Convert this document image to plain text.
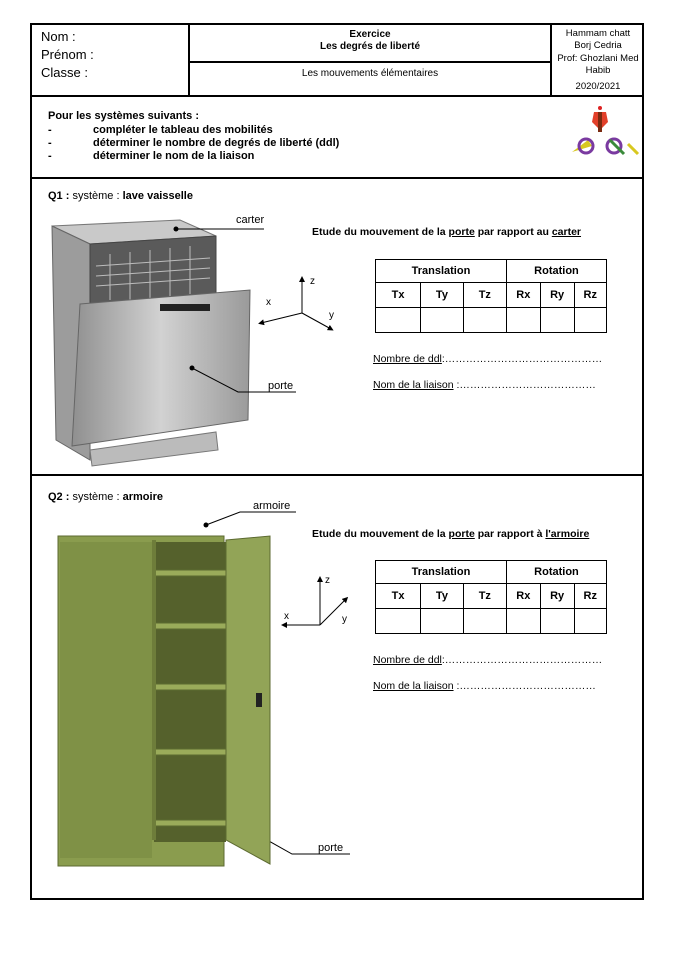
Nom :
Prénom :
Classe :
Exercice
Les degrés de liberté
Les mouvements élémentaires
Hammam chatt
Borj Cedria
Prof: Ghozlani Med
Habib
2020/2021
Pour les systèmes suivants :
-	compléter le tableau des mobilités
-	déterminer le nombre de degrés de liberté (ddl)
-	déterminer le nom de la liaison
Q1 : système : lave vaisselle
carter
porte
z
x
y
Etude du mouvement de la porte par rapport au carter
Translation			Rotation		
Tx	Ty	Tz	Rx	Ry	Rz

Nombre de ddl:………………………………………
Nom de la liaison :…………………………………
Q2 : système : armoire
armoire
porte
z
x	y
Etude du mouvement de la porte par rapport à l'armoire
Translation			Rotation		
Tx	Ty	Tz	Rx	Ry	Rz

Nombre de ddl:………………………………………
Nom de la liaison :…………………………………
